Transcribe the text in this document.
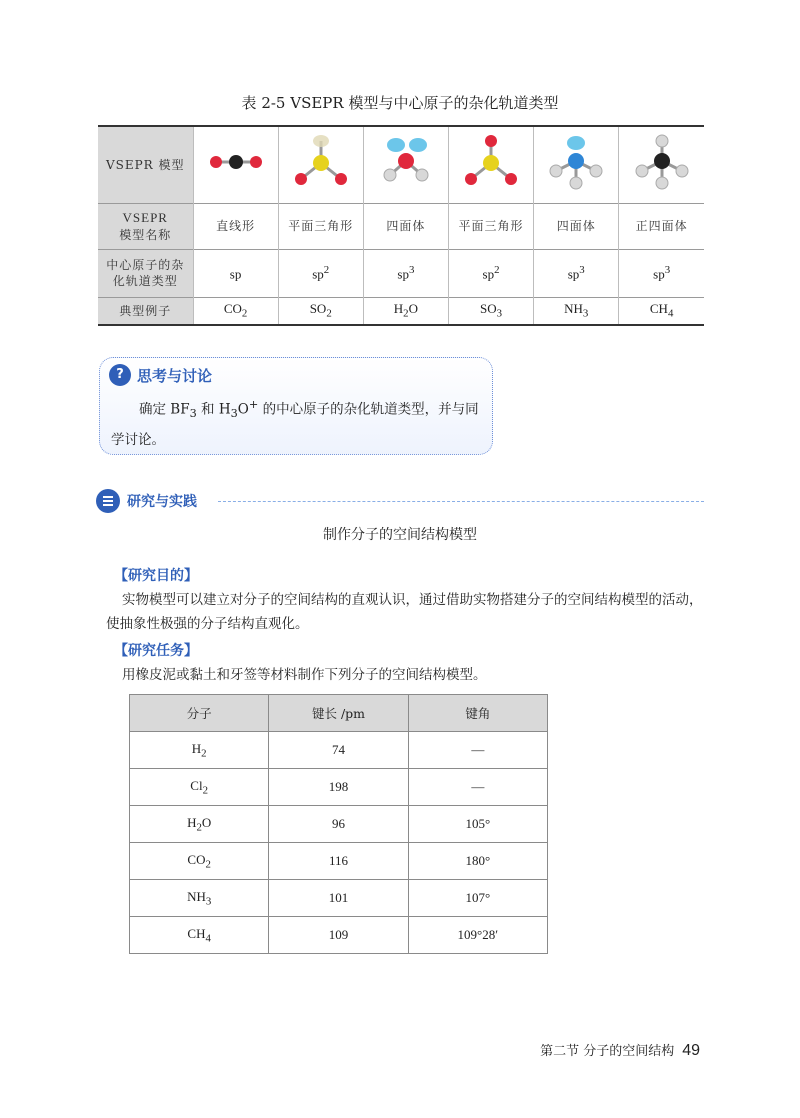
表 2-5 VSEPR 模型与中心原子的杂化轨道类型
VSEPR 模型						

VSEPR
模型名称	直线形	平面三角形	四面体	平面三角形	四面体	正四面体

中心原子的杂
化轨道类型	sp	$sp^2$	$sp^3$	$sp^2$	$sp^3$	$sp^3$
典型例子	$CO_2$	$SO_2$	$H_2O$	$SO_3$	$NH_3$	$CH_4$
? 思考与讨论
确定 $BF_3$ 和 $H_3O^+$ 的中心原子的杂化轨道类型，并与同学讨论。
研究与实践
制作分子的空间结构模型
【研究目的】
实物模型可以建立对分子的空间结构的直观认识，通过借助实物搭建分子的空间结构模型的活动，使抽象性极强的分子结构直观化。
【研究任务】
用橡皮泥或黏土和牙签等材料制作下列分子的空间结构模型。
分子	键长 /pm	键角
$H_2$	74	—
$Cl_2$	198	—
$H_2O$	96	105°
$CO_2$	116	180°
$NH_3$	101	107°
$CH_4$	109	109°28′
第二节 分子的空间结构 49
